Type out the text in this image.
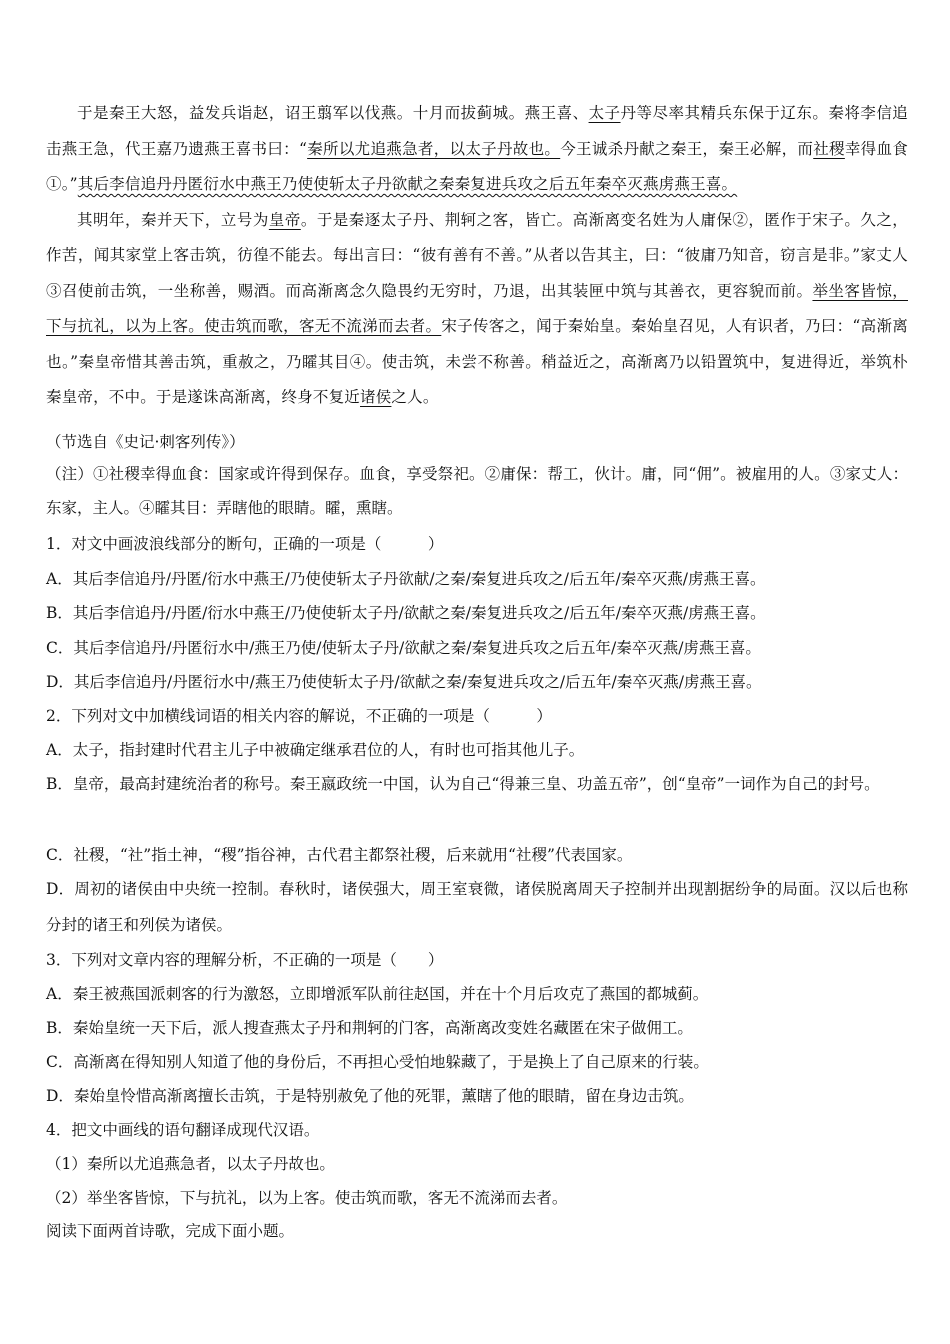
于是秦王大怒，益发兵诣赵，诏王翦军以伐燕。十月而拔蓟城。燕王喜、太子丹等尽率其精兵东保于辽东。秦将李信追击燕王急，代王嘉乃遗燕王喜书曰：“秦所以尤追燕急者，以太子丹故也。今王诚杀丹献之秦王，秦王必解，而社稷幸得血食①。”其后李信追丹丹匿衍水中燕王乃使使斩太子丹欲献之秦秦复进兵攻之后五年秦卒灭燕虏燕王喜。

其明年，秦并天下，立号为皇帝。于是秦逐太子丹、荆轲之客，皆亡。高渐离变名姓为人庸保②，匿作于宋子。久之，作苦，闻其家堂上客击筑，彷徨不能去。每出言曰：“彼有善有不善。”从者以告其主，曰：“彼庸乃知音，窃言是非。”家丈人③召使前击筑，一坐称善，赐酒。而高渐离念久隐畏约无穷时，乃退，出其装匣中筑与其善衣，更容貌而前。举坐客皆惊，下与抗礼，以为上客。使击筑而歌，客无不流涕而去者。宋子传客之，闻于秦始皇。秦始皇召见，人有识者，乃曰：“高渐离也。”秦皇帝惜其善击筑，重赦之，乃矐其目④。使击筑，未尝不称善。稍益近之，高渐离乃以铅置筑中，复进得近，举筑朴秦皇帝，不中。于是遂诛高渐离，终身不复近诸侯之人。

（节选自《史记·刺客列传》）
（注）①社稷幸得血食：国家或许得到保存。血食，享受祭祀。②庸保：帮工，伙计。庸，同“佣”。被雇用的人。③家丈人：东家，主人。④矐其目：弄瞎他的眼睛。矐，熏瞎。
1．对文中画波浪线部分的断句，正确的一项是（　　　）
A．其后李信追丹/丹匿/衍水中燕王/乃使使斩太子丹欲献/之秦/秦复进兵攻之/后五年/秦卒灭燕/虏燕王喜。
B．其后李信追丹/丹匿/衍水中燕王/乃使使斩太子丹/欲献之秦/秦复进兵攻之/后五年/秦卒灭燕/虏燕王喜。
C．其后李信追丹/丹匿衍水中/燕王乃使/使斩太子丹/欲献之秦/秦复进兵攻之后五年/秦卒灭燕/虏燕王喜。
D．其后李信追丹/丹匿衍水中/燕王乃使使斩太子丹/欲献之秦/秦复进兵攻之/后五年/秦卒灭燕/虏燕王喜。
2．下列对文中加横线词语的相关内容的解说，不正确的一项是（　　　）
A．太子，指封建时代君主儿子中被确定继承君位的人，有时也可指其他儿子。
B．皇帝，最高封建统治者的称号。秦王嬴政统一中国，认为自己“得兼三皇、功盖五帝”，创“皇帝”一词作为自己的封号。
C．社稷，“社”指土神，“稷”指谷神，古代君主都祭社稷，后来就用“社稷”代表国家。
D．周初的诸侯由中央统一控制。春秋时，诸侯强大，周王室衰微，诸侯脱离周天子控制并出现割据纷争的局面。汉以后也称分封的诸王和列侯为诸侯。
3．下列对文章内容的理解分析，不正确的一项是（　　）
A．秦王被燕国派刺客的行为激怒，立即增派军队前往赵国，并在十个月后攻克了燕国的都城蓟。
B．秦始皇统一天下后，派人搜查燕太子丹和荆轲的门客，高渐离改变姓名藏匿在宋子做佣工。
C．高渐离在得知别人知道了他的身份后，不再担心受怕地躲藏了，于是换上了自己原来的行装。
D．秦始皇怜惜高渐离擅长击筑，于是特别赦免了他的死罪，薰瞎了他的眼睛，留在身边击筑。
4．把文中画线的语句翻译成现代汉语。
（1）秦所以尤追燕急者，以太子丹故也。
（2）举坐客皆惊，下与抗礼，以为上客。使击筑而歌，客无不流涕而去者。
阅读下面两首诗歌，完成下面小题。
